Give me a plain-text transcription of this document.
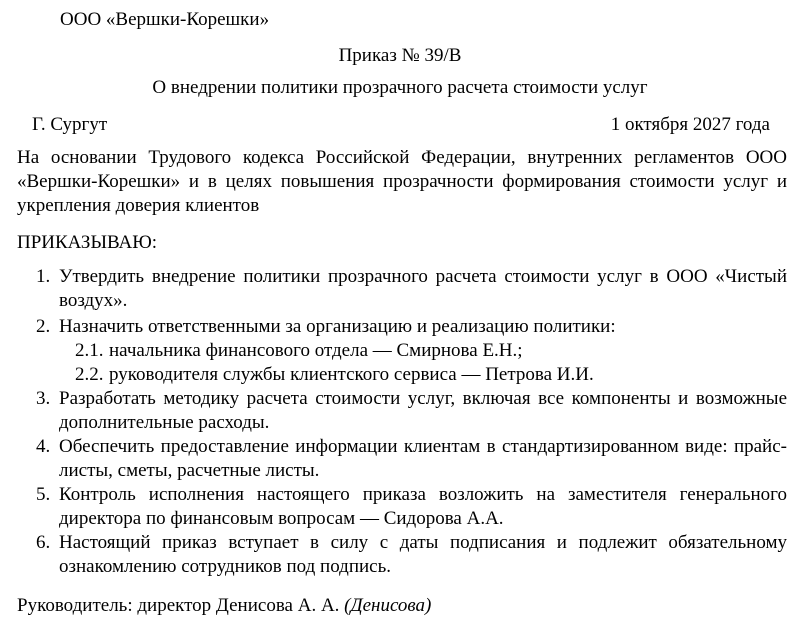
ООО «Вершки-Корешки»
Приказ № 39/В
О внедрении политики прозрачного расчета стоимости услуг
Г. Сургут	1 октября 2027 года
На основании Трудового кодекса Российской Федерации, внутренних регламентов ООО «Вершки-Корешки» и в целях повышения прозрачности формирования стоимости услуг и укрепления доверия клиентов
ПРИКАЗЫВАЮ:
1. Утвердить внедрение политики прозрачного расчета стоимости услуг в ООО «Чистый воздух».
2. Назначить ответственными за организацию и реализацию политики:
2.1. начальника финансового отдела — Смирнова Е.Н.;
2.2. руководителя службы клиентского сервиса — Петрова И.И.
3. Разработать методику расчета стоимости услуг, включая все компоненты и возможные дополнительные расходы.
4. Обеспечить предоставление информации клиентам в стандартизированном виде: прайс-листы, сметы, расчетные листы.
5. Контроль исполнения настоящего приказа возложить на заместителя генерального директора по финансовым вопросам — Сидорова А.А.
6. Настоящий приказ вступает в силу с даты подписания и подлежит обязательному ознакомлению сотрудников под подпись.
Руководитель: директор Денисова А. А. (Денисова)
